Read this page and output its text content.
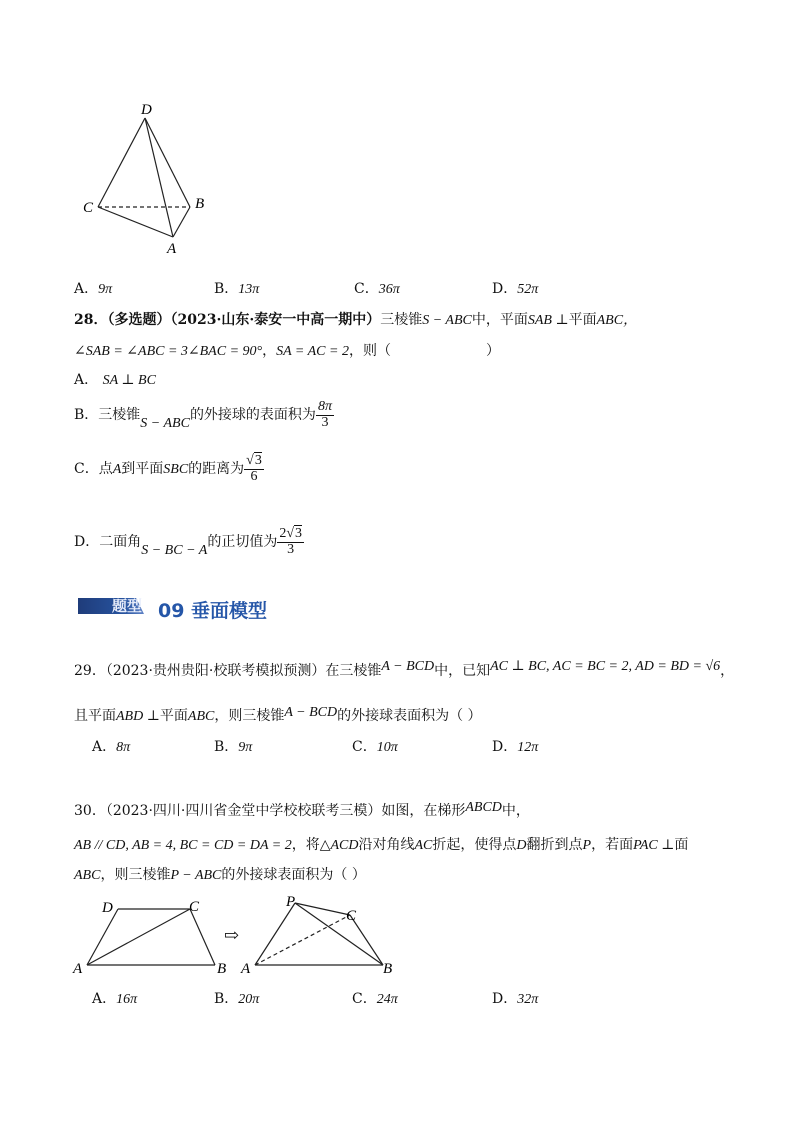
D
C	B
A
A．9π	B．13π	C．36π	D．52π
28．（多选题）（2023·山东·泰安一中高一期中）三棱锥S − ABC中，平面SAB ⊥平面ABC，
∠SAB = ∠ABC = 3∠BAC = 90°，SA = AC = 2，则（	）
A． SA ⊥ BC
B．三棱锥S − ABC的外接球的表面积为 $\frac{8\pi}{3}$
C．点A到平面SBC的距离为 $\frac{√3}{6}$
D．二面角S − BC − A的正切值为 $\frac{2√3}{3}$
题型 09 垂面模型
29．（2023·贵州贵阳·校联考模拟预测）在三棱锥A − BCD中，已知AC ⊥ BC, AC = BC = 2, AD = BD = √6，
且平面ABD ⊥平面ABC，则三棱锥A − BCD的外接球表面积为（ ）
A．8π	B．9π	C．10π	D．12π
30．（2023·四川·四川省金堂中学校校联考三模）如图，在梯形ABCD中，
AB // CD, AB = 4, BC = CD = DA = 2，将△ACD沿对角线AC折起，使得点D翻折到点P，若面PAC ⊥面
ABC，则三棱锥P − ABC的外接球表面积为（ ）
D	C
A	B
⇨
P
C
A	B
A．16π	B．20π	C．24π	D．32π
